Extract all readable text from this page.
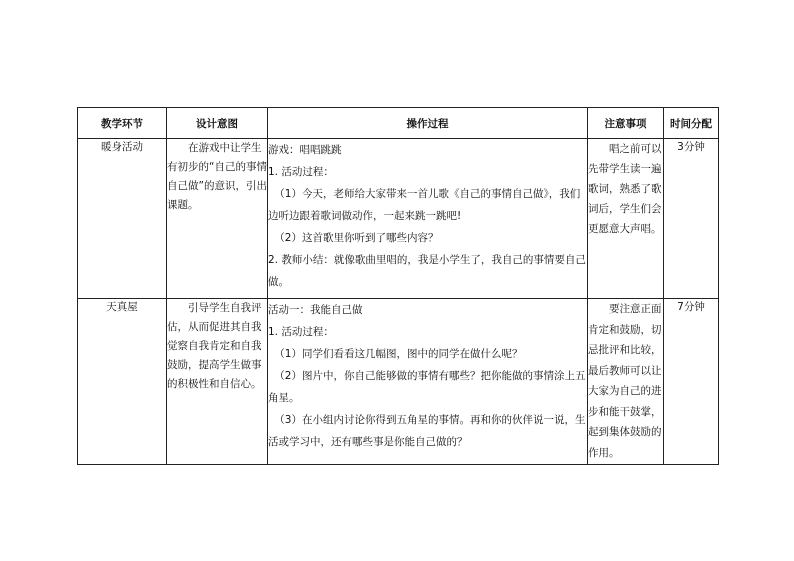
教学环节	设计意图	操作过程	注意事项	时间分配
暖身活动	在游戏中让学生有初步的“自己的事情自己做”的意识，引出课题。	游戏：唱唱跳跳

1. 活动过程：

（1）今天，老师给大家带来一首儿歌《自己的事情自己做》，我们边听边跟着歌词做动作，一起来跳一跳吧!

（2）这首歌里你听到了哪些内容？

2. 教师小结：就像歌曲里唱的，我是小学生了，我自己的事情要自己做。	唱之前可以先带学生读一遍歌词，熟悉了歌词后，学生们会更愿意大声唱。	3分钟
天真屋	引导学生自我评估，从而促进其自我觉察自我肯定和自我鼓励，提高学生做事的积极性和自信心。	活动一：我能自己做

1. 活动过程：

（1）同学们看看这几幅图，图中的同学在做什么呢？

（2）图片中，你自己能够做的事情有哪些？把你能做的事情涂上五角星。

（3）在小组内讨论你得到五角星的事情。再和你的伙伴说一说，生活或学习中，还有哪些事是你能自己做的？	要注意正面肯定和鼓励，切忌批评和比较，最后教师可以让大家为自己的进步和能干鼓掌，起到集体鼓励的作用。	7分钟
